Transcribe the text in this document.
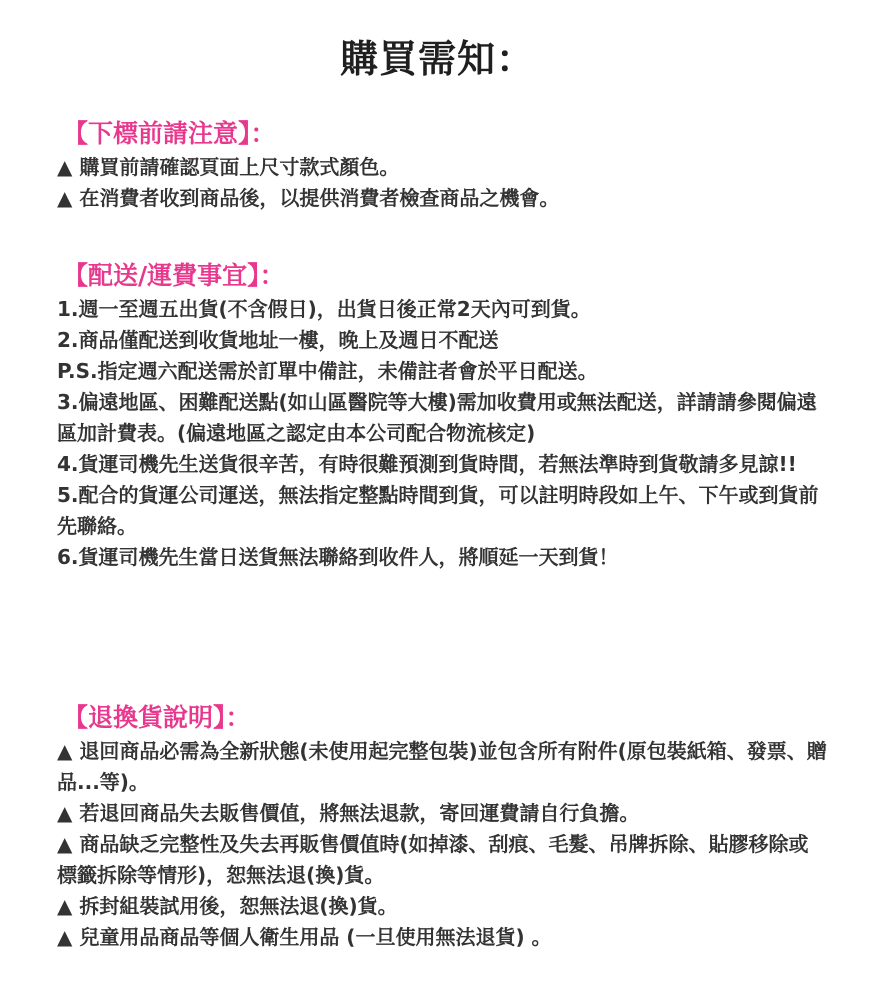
購買需知：
【下標前請注意】：
▲ 購買前請確認頁面上尺寸款式顏色。
▲ 在消費者收到商品後，以提供消費者檢查商品之機會。
【配送/運費事宜】：
1.週一至週五出貨(不含假日)，出貨日後正常2天內可到貨。
2.商品僅配送到收貨地址一樓，晚上及週日不配送
P.S.指定週六配送需於訂單中備註，未備註者會於平日配送。
3.偏遠地區、困難配送點(如山區醫院等大樓)需加收費用或無法配送，詳請請參閱偏遠區加計費表。(偏遠地區之認定由本公司配合物流核定)
4.貨運司機先生送貨很辛苦，有時很難預測到貨時間，若無法準時到貨敬請多見諒!!
5.配合的貨運公司運送，無法指定整點時間到貨，可以註明時段如上午、下午或到貨前先聯絡。
6.貨運司機先生當日送貨無法聯絡到收件人，將順延一天到貨！
【退換貨說明】：
▲ 退回商品必需為全新狀態(未使用起完整包裝)並包含所有附件(原包裝紙箱、發票、贈品...等)。
▲ 若退回商品失去販售價值，將無法退款，寄回運費請自行負擔。
▲ 商品缺乏完整性及失去再販售價值時(如掉漆、刮痕、毛髮、吊牌拆除、貼膠移除或標籤拆除等情形)，恕無法退(換)貨。
▲ 拆封組裝試用後，恕無法退(換)貨。
▲ 兒童用品商品等個人衛生用品 (一旦使用無法退貨) 。
